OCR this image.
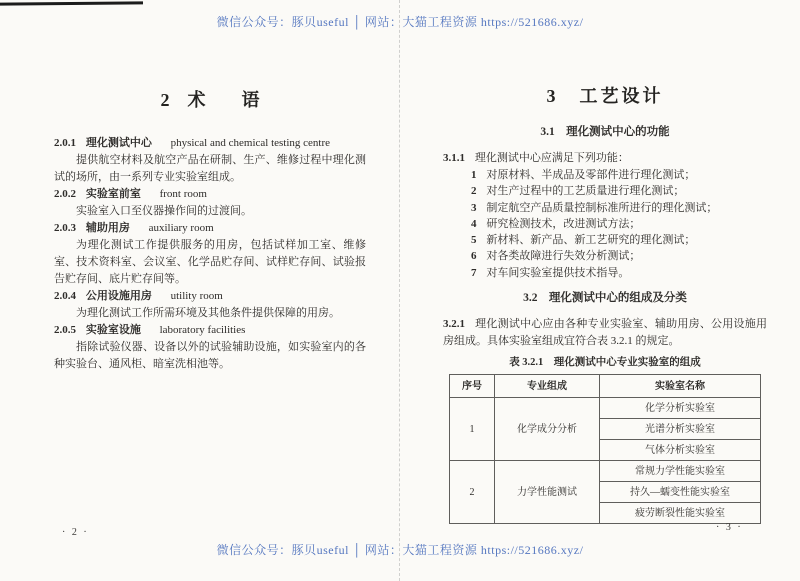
微信公众号：豚贝useful │ 网站：大猫工程资源 https://521686.xyz/
2　术　　语
2.0.1 理化测试中心 physical and chemical testing centre

提供航空材料及航空产品在研制、生产、维修过程中理化测试的场所，由一系列专业实验室组成。

2.0.2 实验室前室 front room

实验室入口至仪器操作间的过渡间。

2.0.3 辅助用房 auxiliary room

为理化测试工作提供服务的用房，包括试样加工室、维修室、技术资料室、会议室、化学品贮存间、试样贮存间、试验报告贮存间、底片贮存间等。

2.0.4 公用设施用房 utility room

为理化测试工作所需环境及其他条件提供保障的用房。

2.0.5 实验室设施 laboratory facilities

指除试验仪器、设备以外的试验辅助设施，如实验室内的各种实验台、通风柜、暗室洗相池等。

3　工艺设计
3.1　理化测试中心的功能
3.1.1 理化测试中心应满足下列功能：
1 对原材料、半成品及零部件进行理化测试；
2 对生产过程中的工艺质量进行理化测试；
3 制定航空产品质量控制标准所进行的理化测试；
4 研究检测技术，改进测试方法；
5 新材料、新产品、新工艺研究的理化测试；
6 对各类故障进行失效分析测试；
7 对车间实验室提供技术指导。
3.2　理化测试中心的组成及分类
3.2.1 理化测试中心应由各种专业实验室、辅助用房、公用设施用房组成。具体实验室组成宜符合表 3.2.1 的规定。
表 3.2.1　理化测试中心专业实验室的组成
序号	专业组成	实验室名称
1	化学成分分析	化学分析实验室
		光谱分析实验室
		气体分析实验室
2	力学性能测试	常规力学性能实验室
		持久—蠕变性能实验室
		疲劳断裂性能实验室
· 2 ·	· 3 ·
微信公众号：豚贝useful │ 网站：大猫工程资源 https://521686.xyz/
